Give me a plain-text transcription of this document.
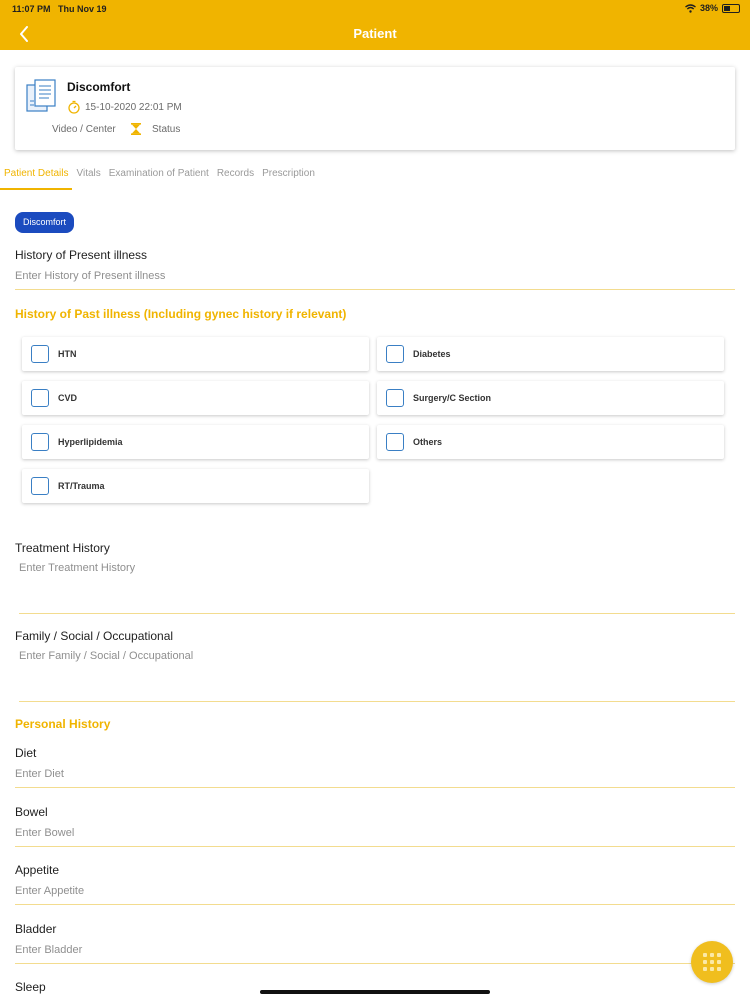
11:07 PM Thu Nov 19	38%
Patient
Discomfort
15-10-2020 22:01 PM
Video / Center	Status
Patient Details Vitals Examination of Patient Records Prescription
Discomfort
History of Present illness
Enter History of Present illness
History of Past illness (Including gynec history if relevant)
HTN	Diabetes
CVD	Surgery/C Section
Hyperlipidemia	Others
RT/Trauma
Treatment History
Enter Treatment History
Family / Social / Occupational
Enter Family / Social / Occupational
Personal History
Diet
Enter Diet
Bowel
Enter Bowel
Appetite
Enter Appetite
Bladder
Enter Bladder
Sleep
